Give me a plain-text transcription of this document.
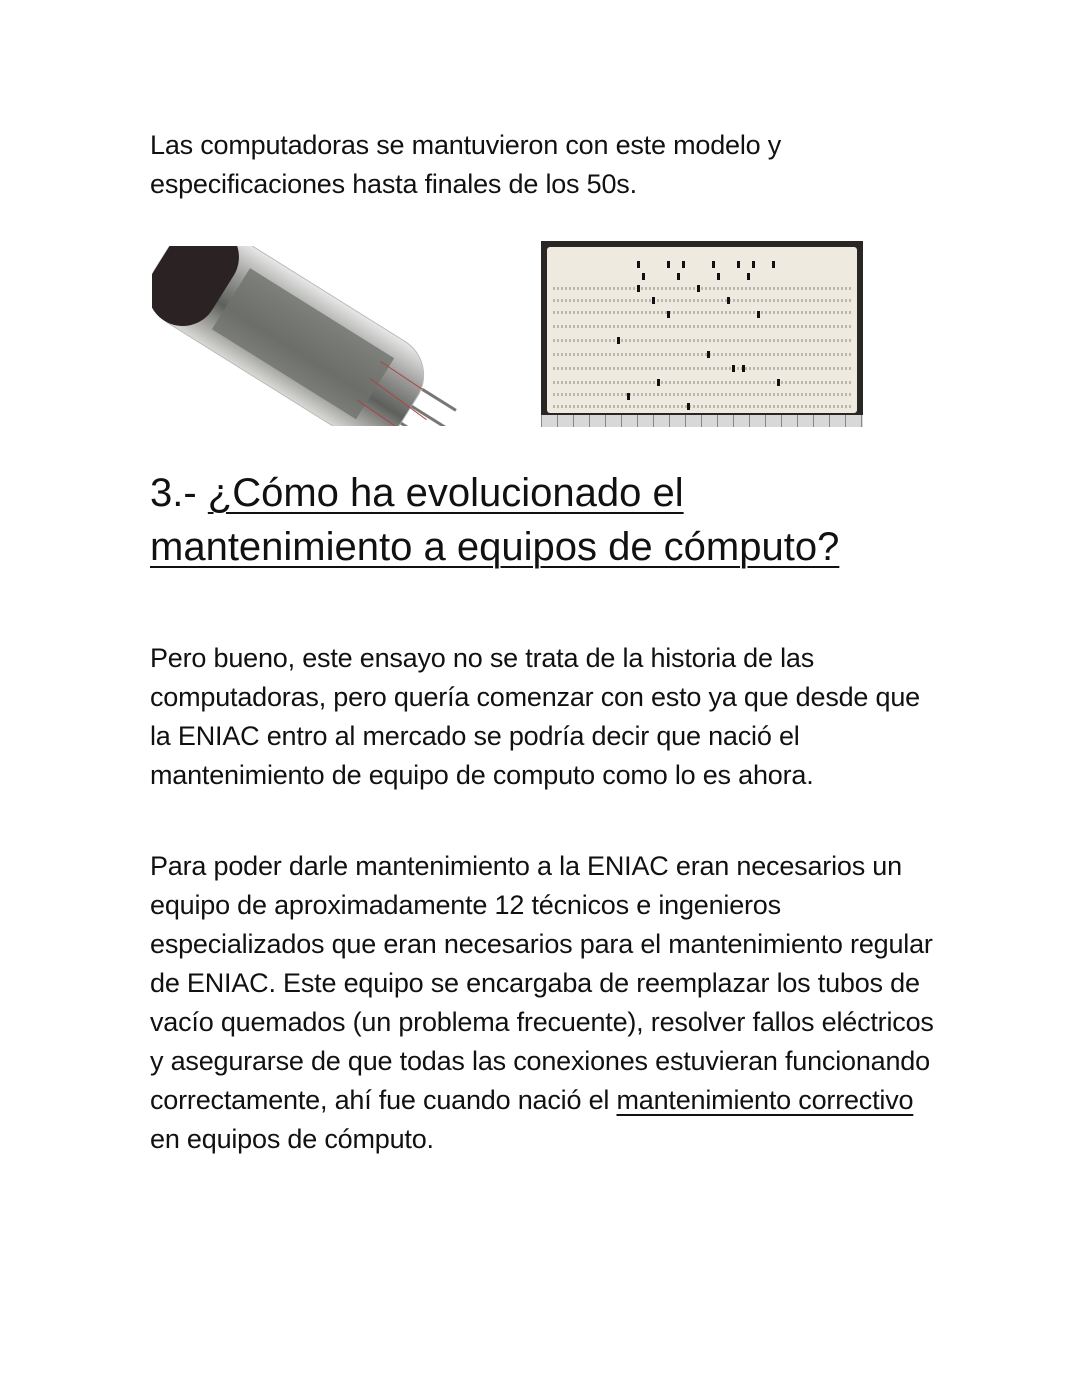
Las computadoras se mantuvieron con este modelo y especificaciones hasta finales de los 50s.
3.- ¿Cómo ha evolucionado el mantenimiento a equipos de cómputo?
Pero bueno, este ensayo no se trata de la historia de las computadoras, pero quería comenzar con esto ya que desde que la ENIAC entro al mercado se podría decir que nació el mantenimiento de equipo de computo como lo es ahora.
Para poder darle mantenimiento a la ENIAC eran necesarios un equipo de aproximadamente 12 técnicos e ingenieros especializados que eran necesarios para el mantenimiento regular de ENIAC. Este equipo se encargaba de reemplazar los tubos de vacío quemados (un problema frecuente), resolver fallos eléctricos y asegurarse de que todas las conexiones estuvieran funcionando correctamente, ahí fue cuando nació el mantenimiento correctivo en equipos de cómputo.
